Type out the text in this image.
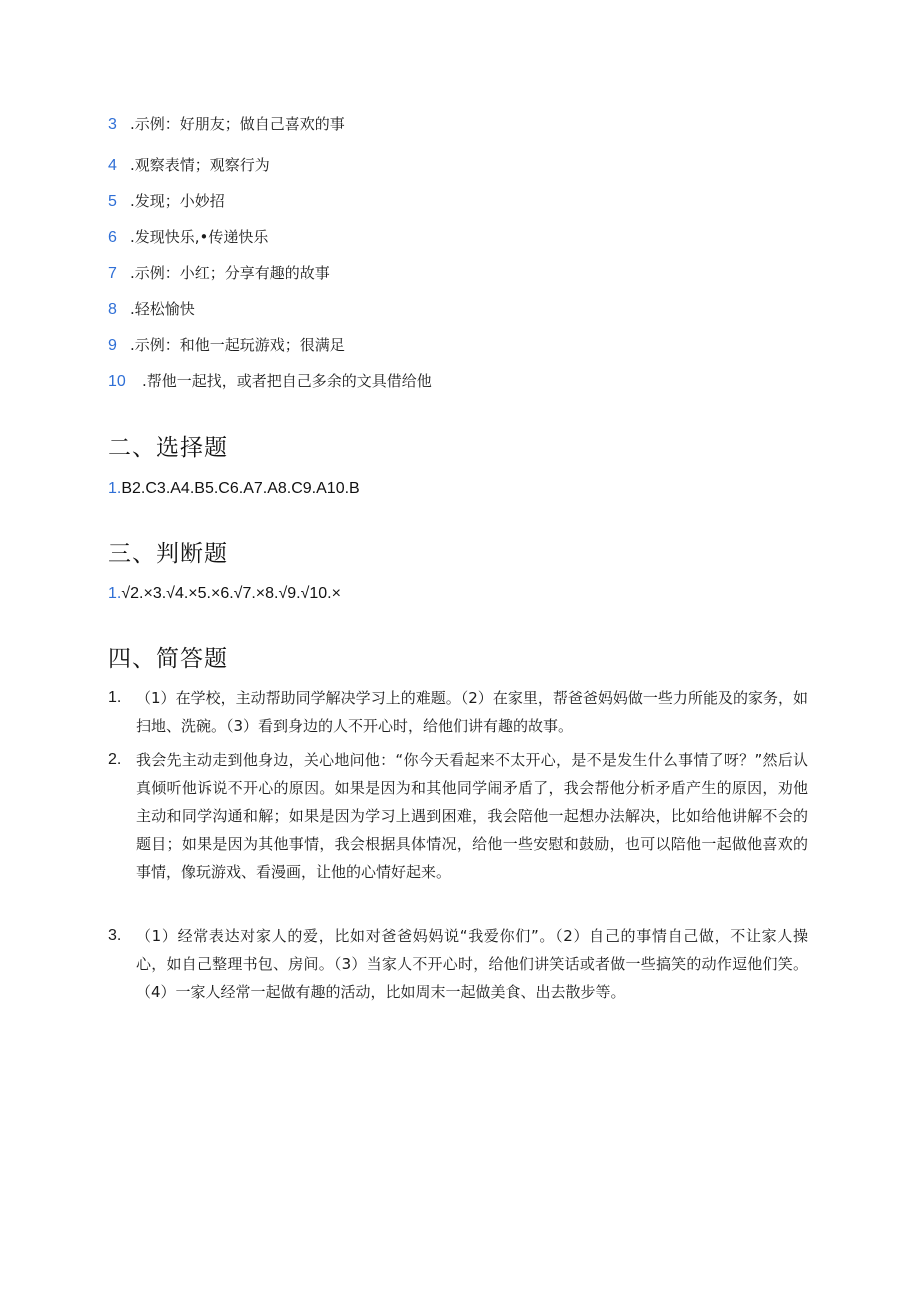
3 .示例：好朋友；做自己喜欢的事
4 .观察表情；观察行为
5 .发现；小妙招
6 .发现快乐,•传递快乐
7 .示例：小红；分享有趣的故事
8 .轻松愉快
9 .示例：和他一起玩游戏；很满足
10 .帮他一起找，或者把自己多余的文具借给他
二、选择题
1.B2.C3.A4.B5.C6.A7.A8.C9.A10.B
三、判断题
1.√2.×3.√4.×5.×6.√7.×8.√9.√10.×
四、简答题
1. （1）在学校，主动帮助同学解决学习上的难题。（2）在家里，帮爸爸妈妈做一些力所能及的家务，如扫地、洗碗。（3）看到身边的人不开心时，给他们讲有趣的故事。
2. 我会先主动走到他身边，关心地问他：“你今天看起来不太开心，是不是发生什么事情了呀？”然后认真倾听他诉说不开心的原因。如果是因为和其他同学闹矛盾了，我会帮他分析矛盾产生的原因，劝他主动和同学沟通和解；如果是因为学习上遇到困难，我会陪他一起想办法解决，比如给他讲解不会的题目；如果是因为其他事情，我会根据具体情况，给他一些安慰和鼓励，也可以陪他一起做他喜欢的事情，像玩游戏、看漫画，让他的心情好起来。
3. （1）经常表达对家人的爱，比如对爸爸妈妈说“我爱你们”。（2）自己的事情自己做，不让家人操心，如自己整理书包、房间。（3）当家人不开心时，给他们讲笑话或者做一些搞笑的动作逗他们笑。（4）一家人经常一起做有趣的活动，比如周末一起做美食、出去散步等。
